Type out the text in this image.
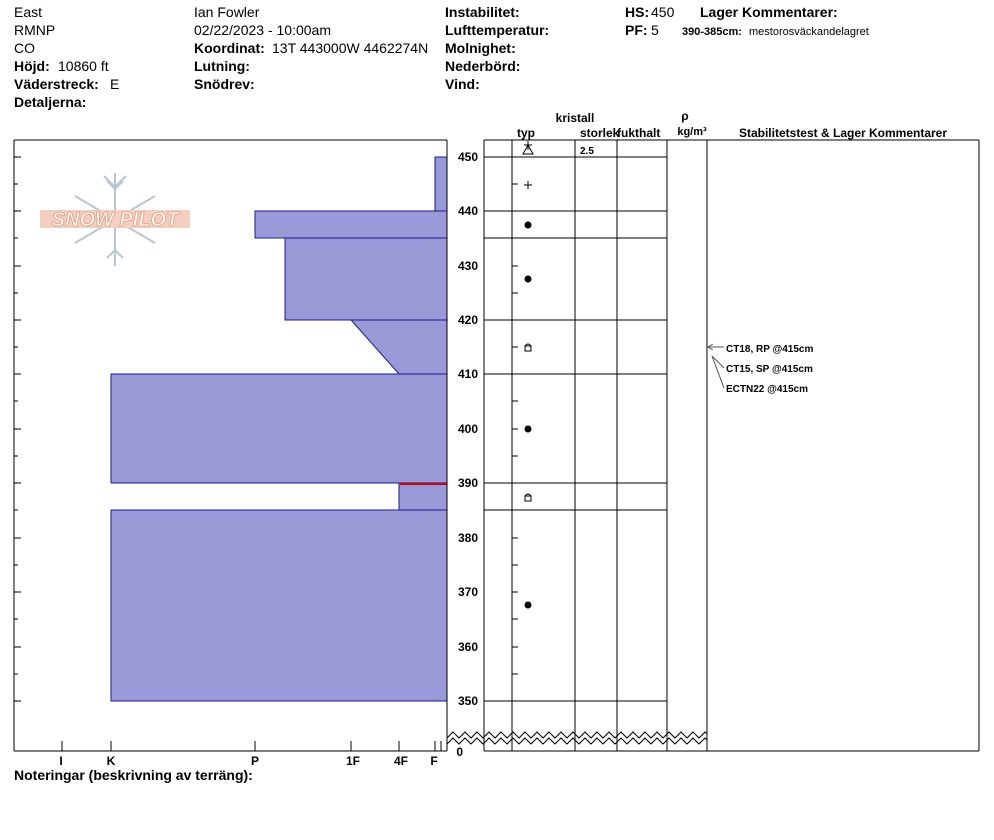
East
RMNP
CO
Höjd: 10860 ft
Väderstreck: E
Detaljerna:
Ian Fowler
02/22/2023 - 10:00am
Koordinat: 13T 443000W 4462274N
Lutning:
Snödrev:
Instabilitet:
Lufttemperatur:
Molnighet:
Nederbörd:
Vind:
HS: 450
PF: 5
Lager Kommentarer:
390-385cm: mestorosväckandelagret
SNOW PILOT
I	K	P	1F	4F F
450
440
430
420
410
400
390
380
370
360
350
0
kristall
typ	storlek
fukthalt
ρ
kg/m³	Stabilitetstest & Lager Kommentarer
2.5
CT18, RP @415cm
CT15, SP @415cm
ECTN22 @415cm
Noteringar (beskrivning av terräng):
